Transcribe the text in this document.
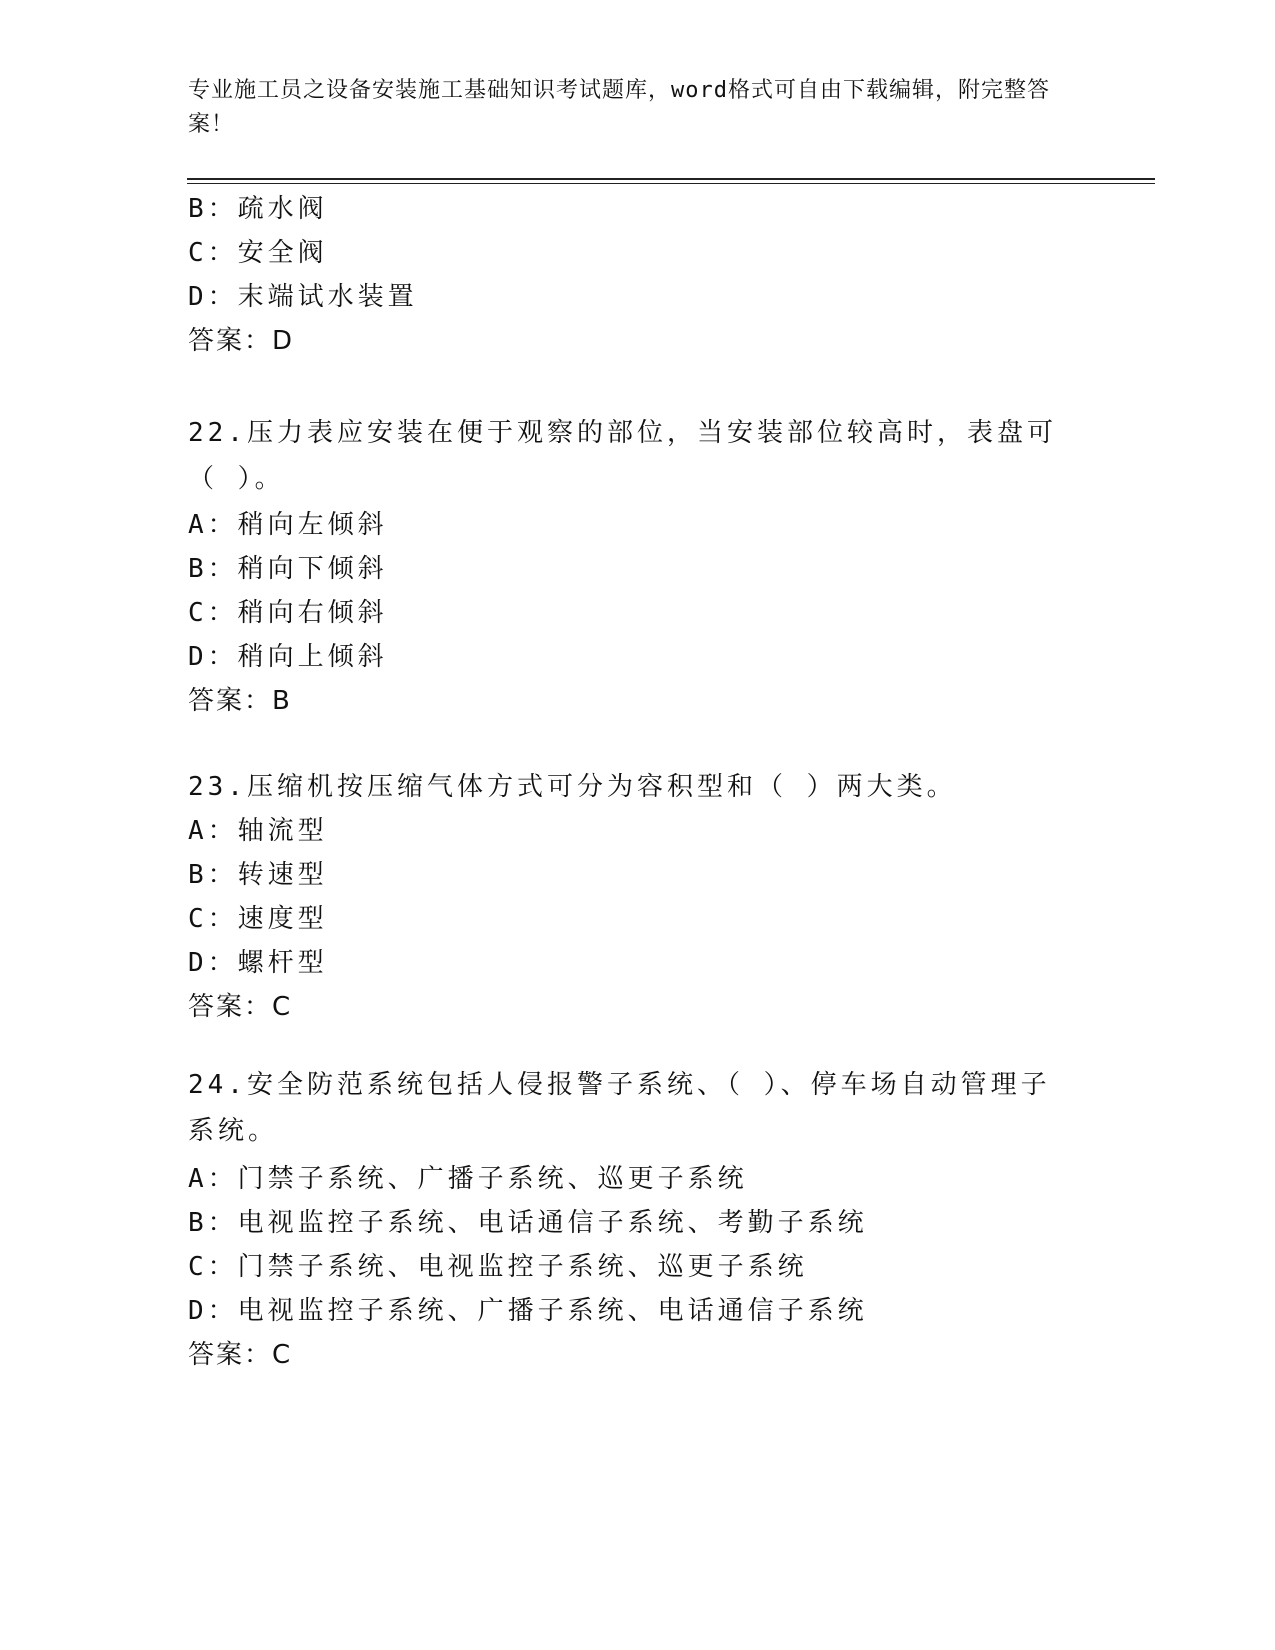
专业施工员之设备安装施工基础知识考试题库，word格式可自由下载编辑，附完整答案！
B：疏水阀
C：安全阀
D：末端试水装置
答案：D
22.压力表应安装在便于观察的部位，当安装部位较高时，表盘可（ ）。
A：稍向左倾斜
B：稍向下倾斜
C：稍向右倾斜
D：稍向上倾斜
答案：B
23.压缩机按压缩气体方式可分为容积型和（ ）两大类。
A：轴流型
B：转速型
C：速度型
D：螺杆型
答案：C
24.安全防范系统包括人侵报警子系统、（ ）、停车场自动管理子系统。
A：门禁子系统、广播子系统、巡更子系统
B：电视监控子系统、电话通信子系统、考勤子系统
C：门禁子系统、电视监控子系统、巡更子系统
D：电视监控子系统、广播子系统、电话通信子系统
答案：C
